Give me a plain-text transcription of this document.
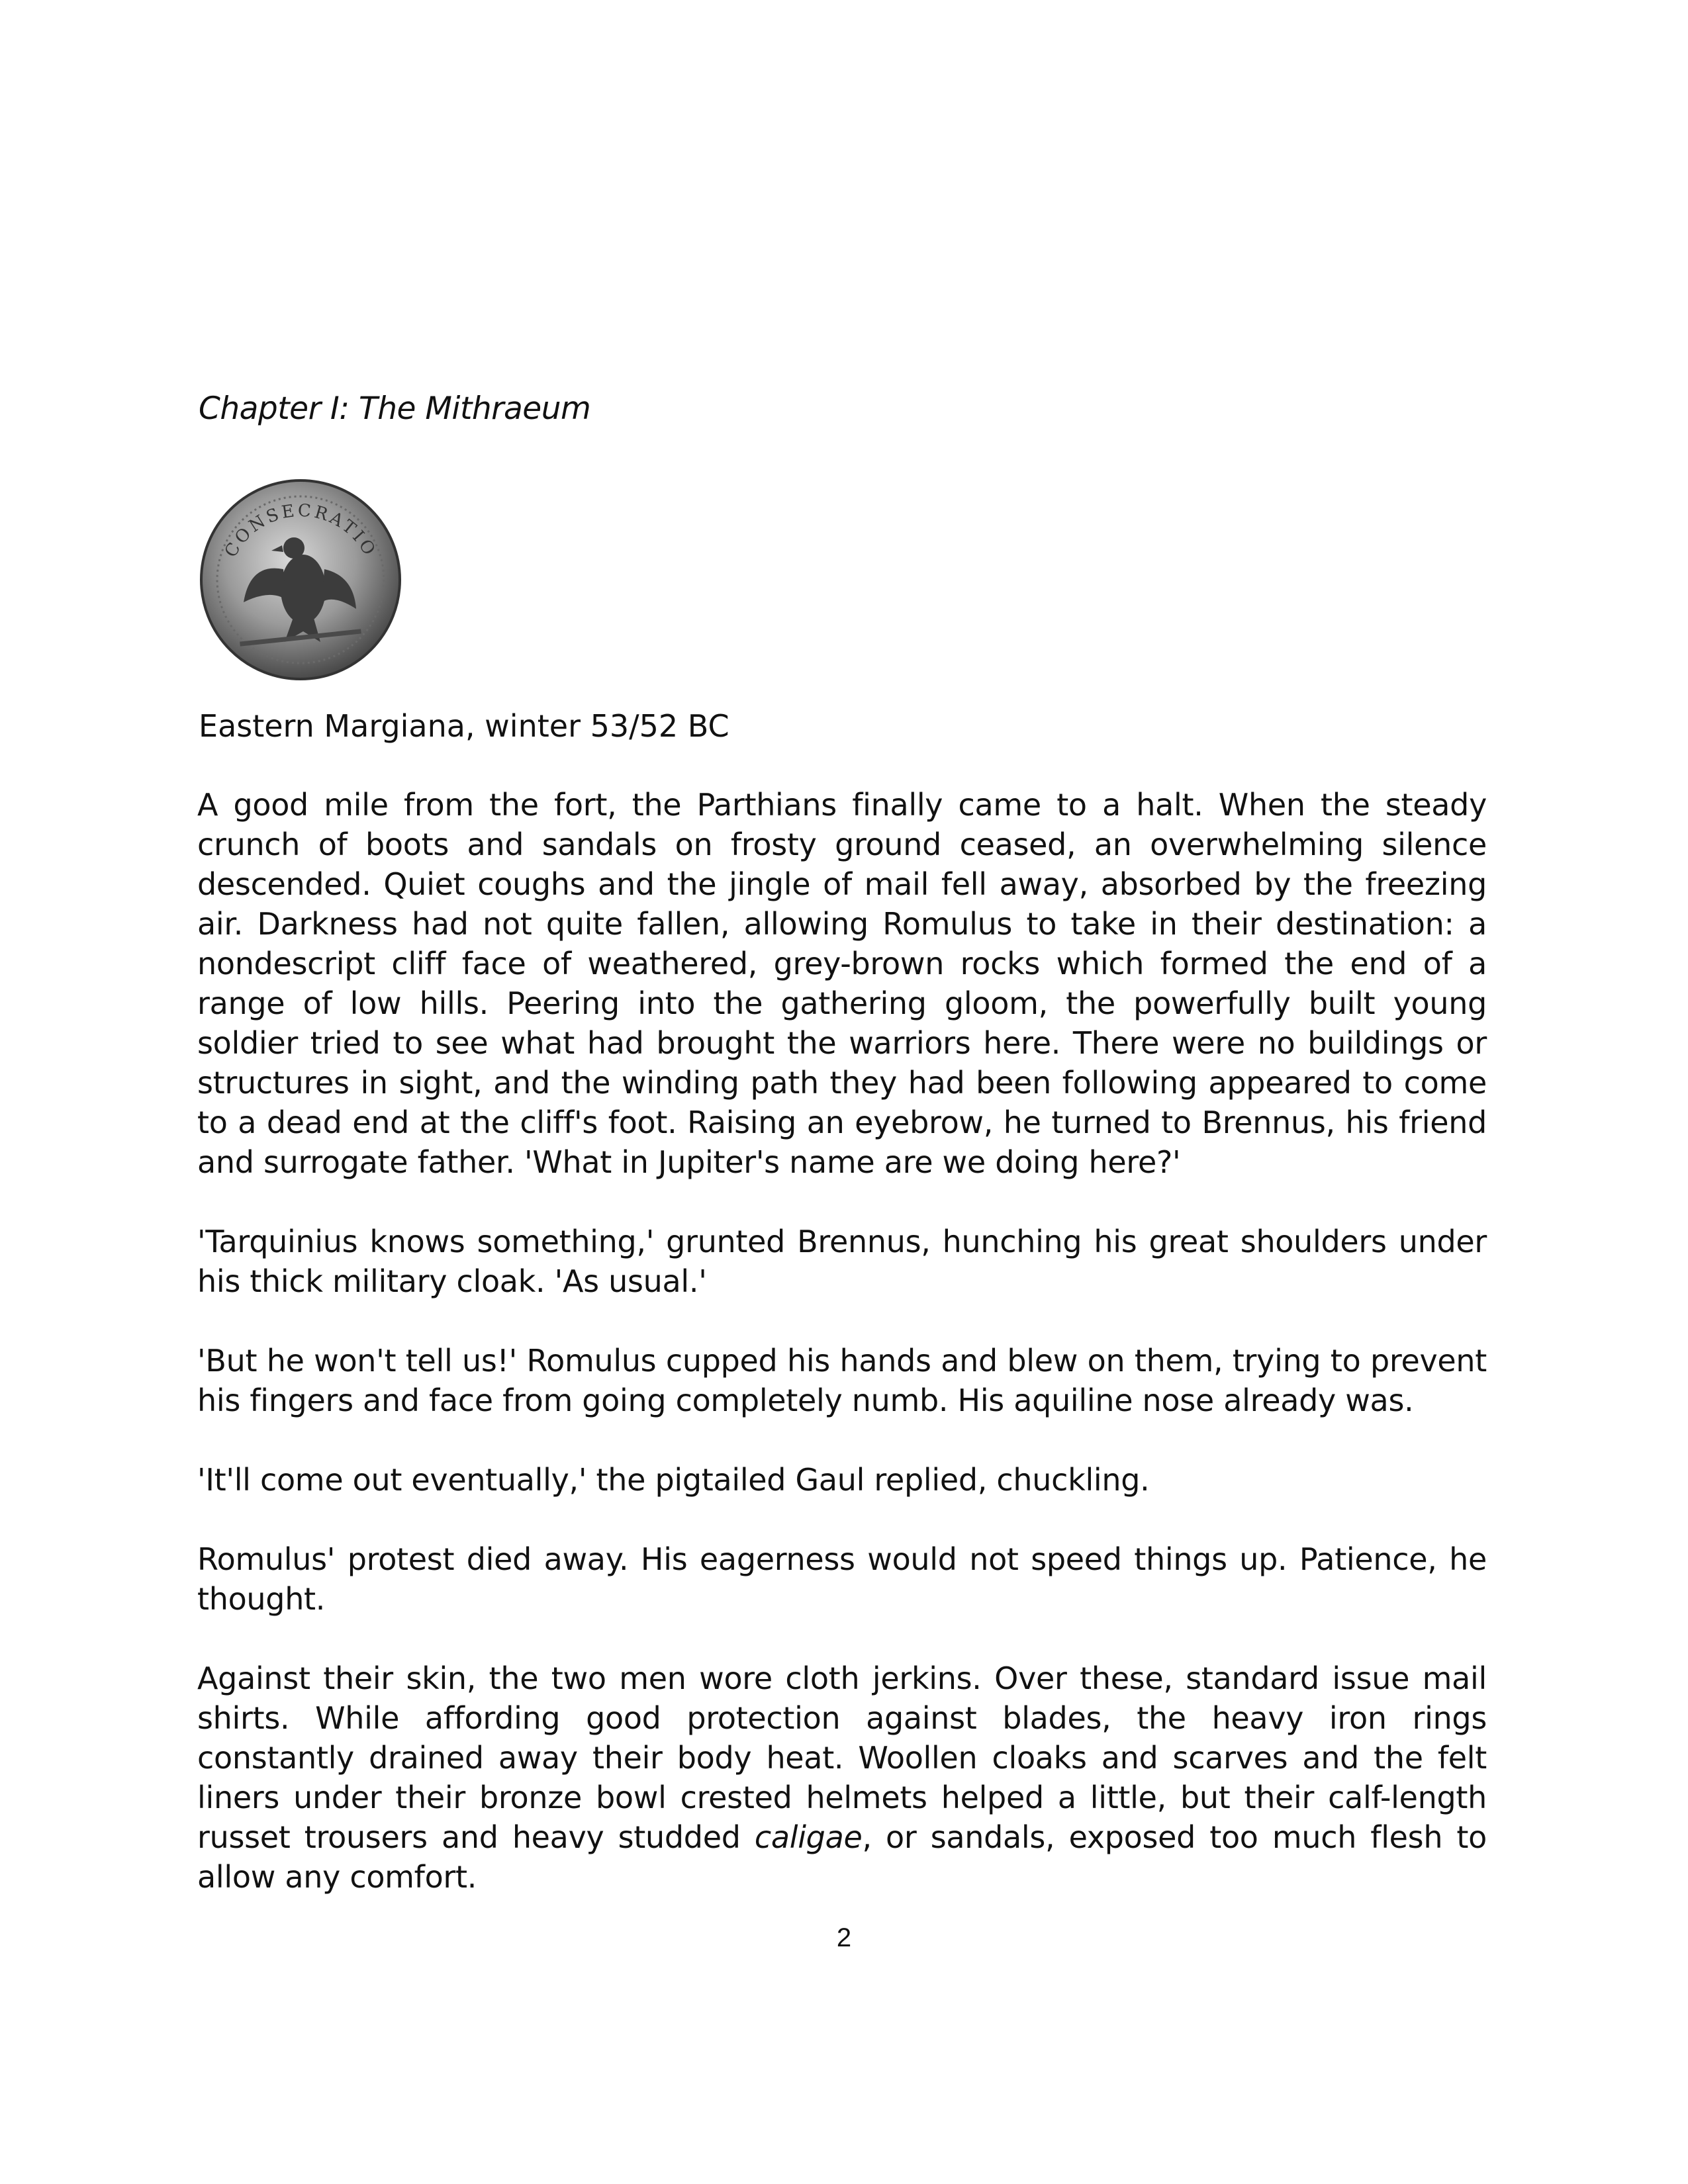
Chapter I: The Mithraeum
CONSECRATIO

Eastern Margiana, winter 53/52 BC

A good mile from the fort, the Parthians finally came to a halt. When the steady crunch of boots and sandals on frosty ground ceased, an overwhelming silence descended. Quiet coughs and the jingle of mail fell away, absorbed by the freezing air. Darkness had not quite fallen, allowing Romulus to take in their destination: a nondescript cliff face of weathered, grey-brown rocks which formed the end of a range of low hills. Peering into the gathering gloom, the powerfully built young soldier tried to see what had brought the warriors here. There were no buildings or structures in sight, and the winding path they had been following appeared to come to a dead end at the cliff's foot. Raising an eyebrow, he turned to Brennus, his friend and surrogate father. 'What in Jupiter's name are we doing here?'

'Tarquinius knows something,' grunted Brennus, hunching his great shoulders under his thick military cloak. 'As usual.'

'But he won't tell us!' Romulus cupped his hands and blew on them, trying to prevent his fingers and face from going completely numb. His aquiline nose already was.

'It'll come out eventually,' the pigtailed Gaul replied, chuckling.

Romulus' protest died away. His eagerness would not speed things up. Patience, he thought.

Against their skin, the two men wore cloth jerkins. Over these, standard issue mail shirts. While affording good protection against blades, the heavy iron rings constantly drained away their body heat. Woollen cloaks and scarves and the felt liners under their bronze bowl crested helmets helped a little, but their calf-length russet trousers and heavy studded caligae, or sandals, exposed too much flesh to allow any comfort.

2
